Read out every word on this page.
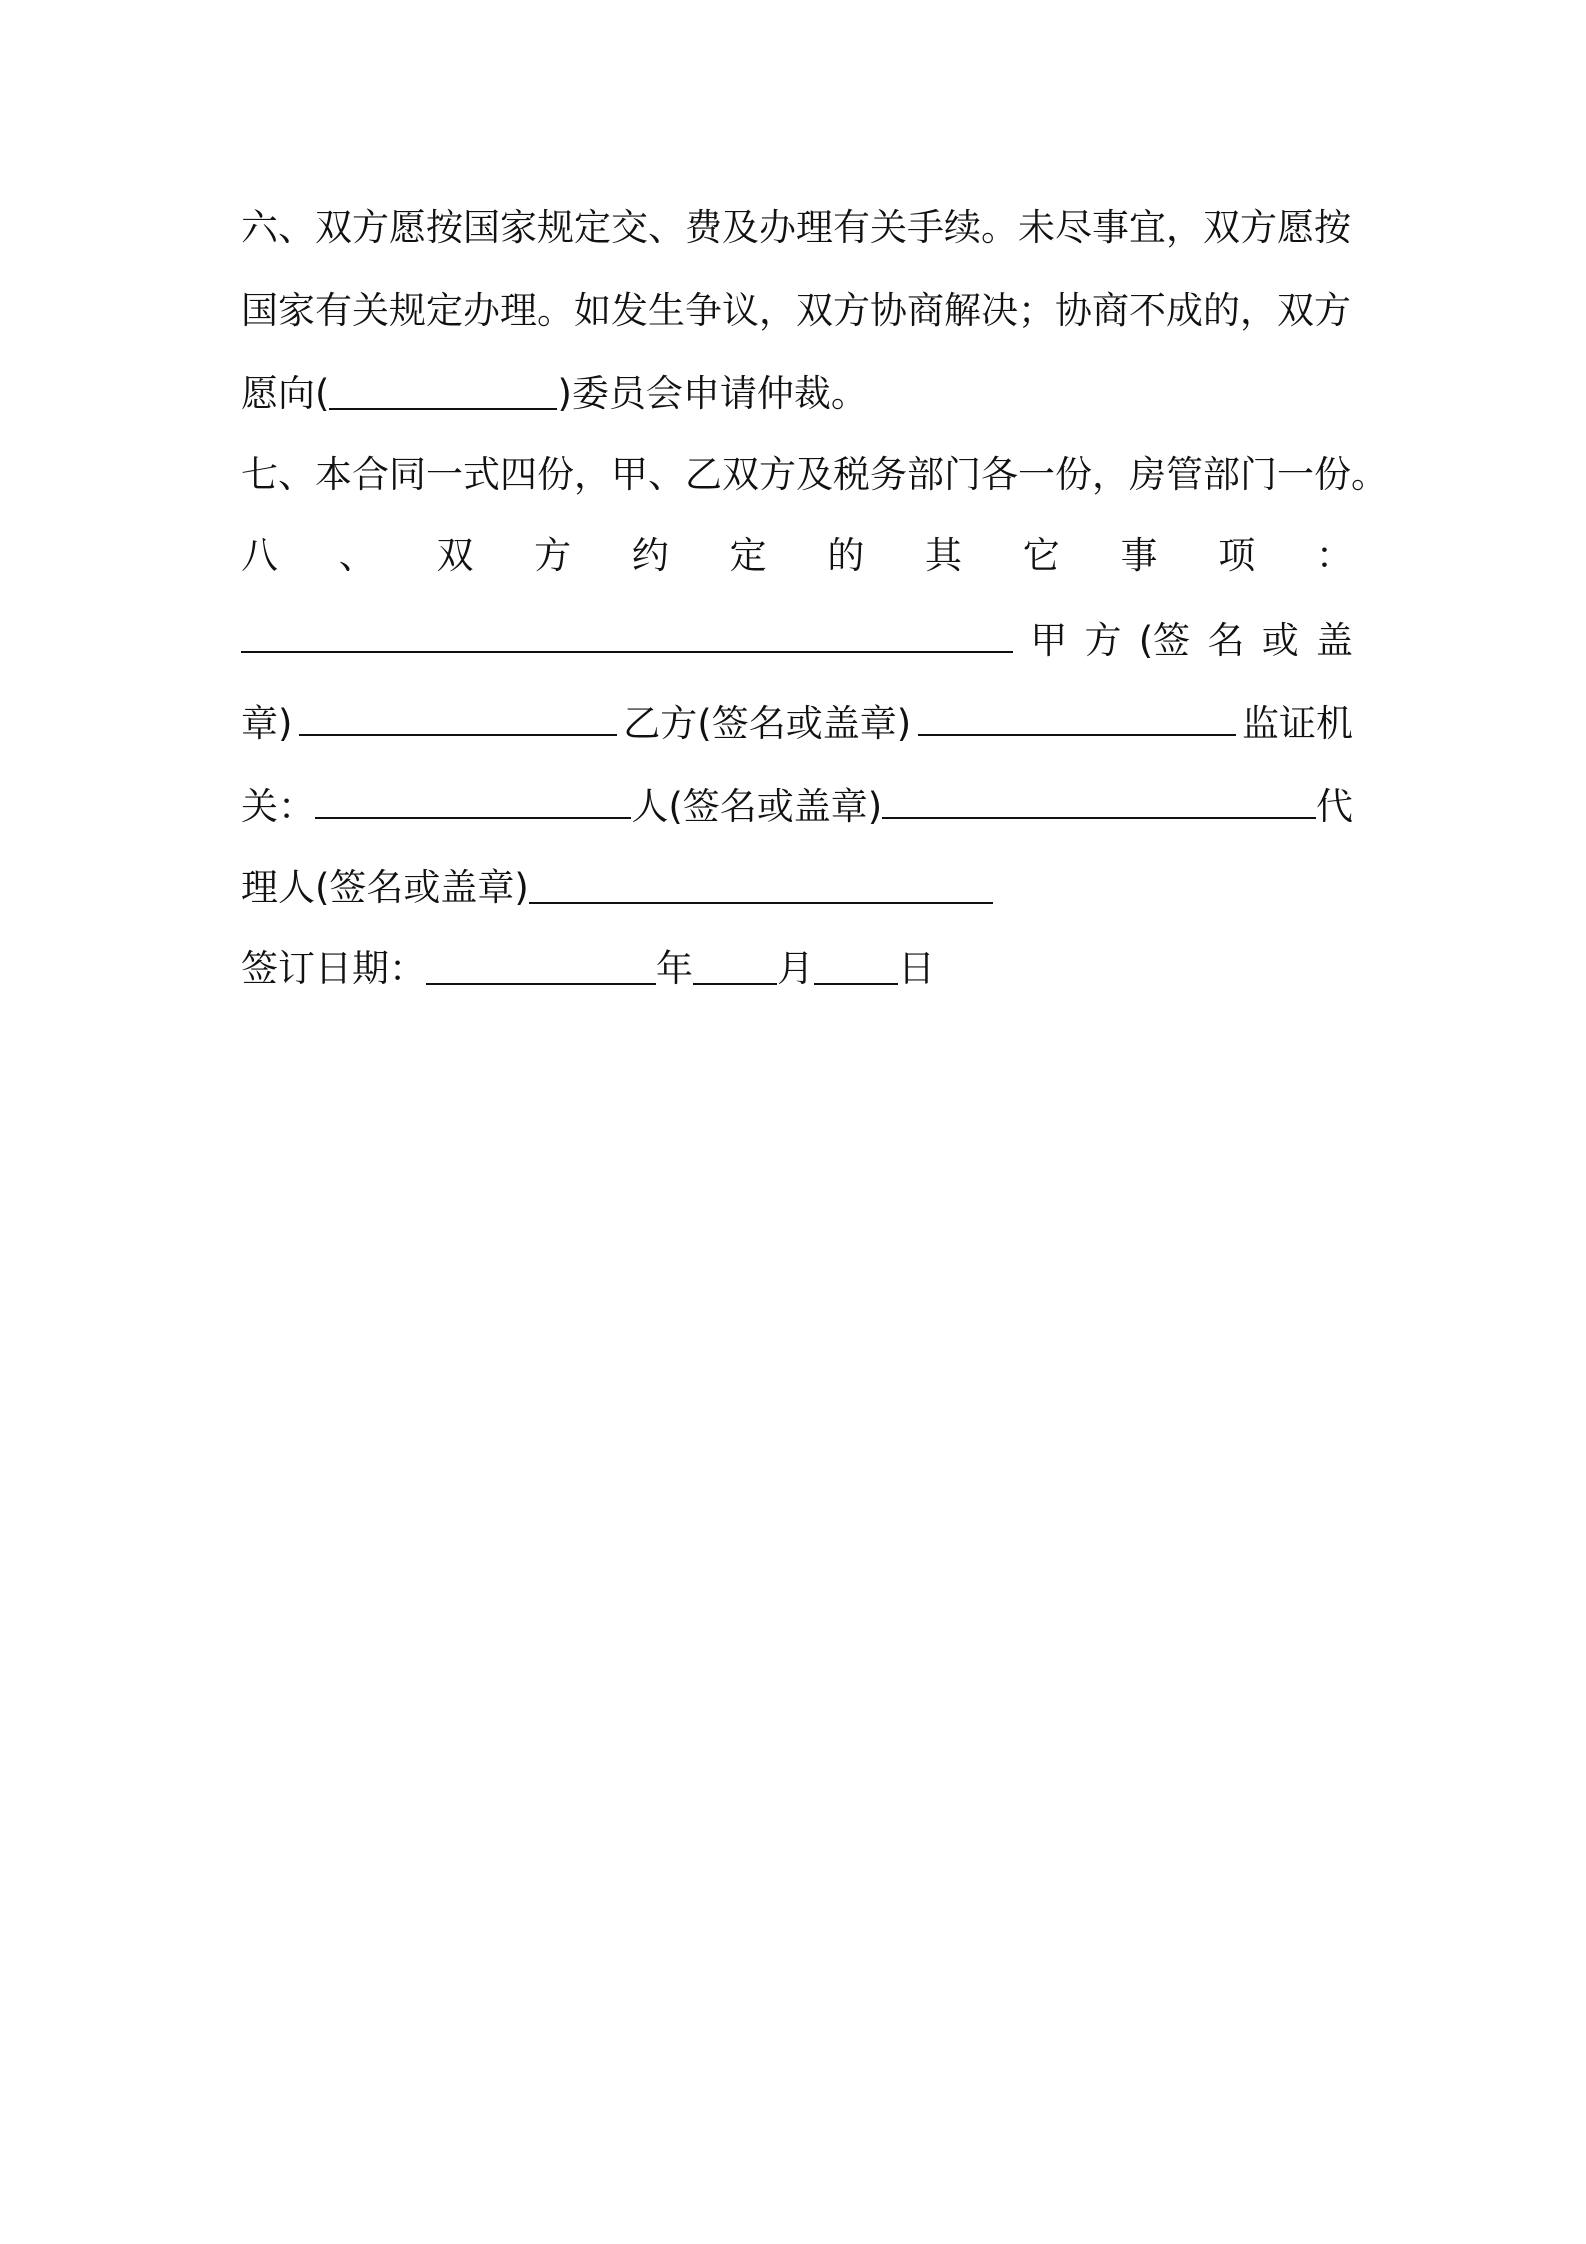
六、双方愿按国家规定交、费及办理有关手续。未尽事宜，双方愿按
国家有关规定办理。如发生争议，双方协商解决；协商不成的，双方
愿向(	)委员会申请仲裁。
七、本合同一式四份，甲、乙双方及税务部门各一份，房管部门一份。
八 、 双 方 约 定 的 其 它 事 项 ：
甲 方 (签 名 或 盖
章)	乙方(签名或盖章)	监证机
关：	人(签名或盖章)	代
理人(签名或盖章)
签订日期：	年 月 日
